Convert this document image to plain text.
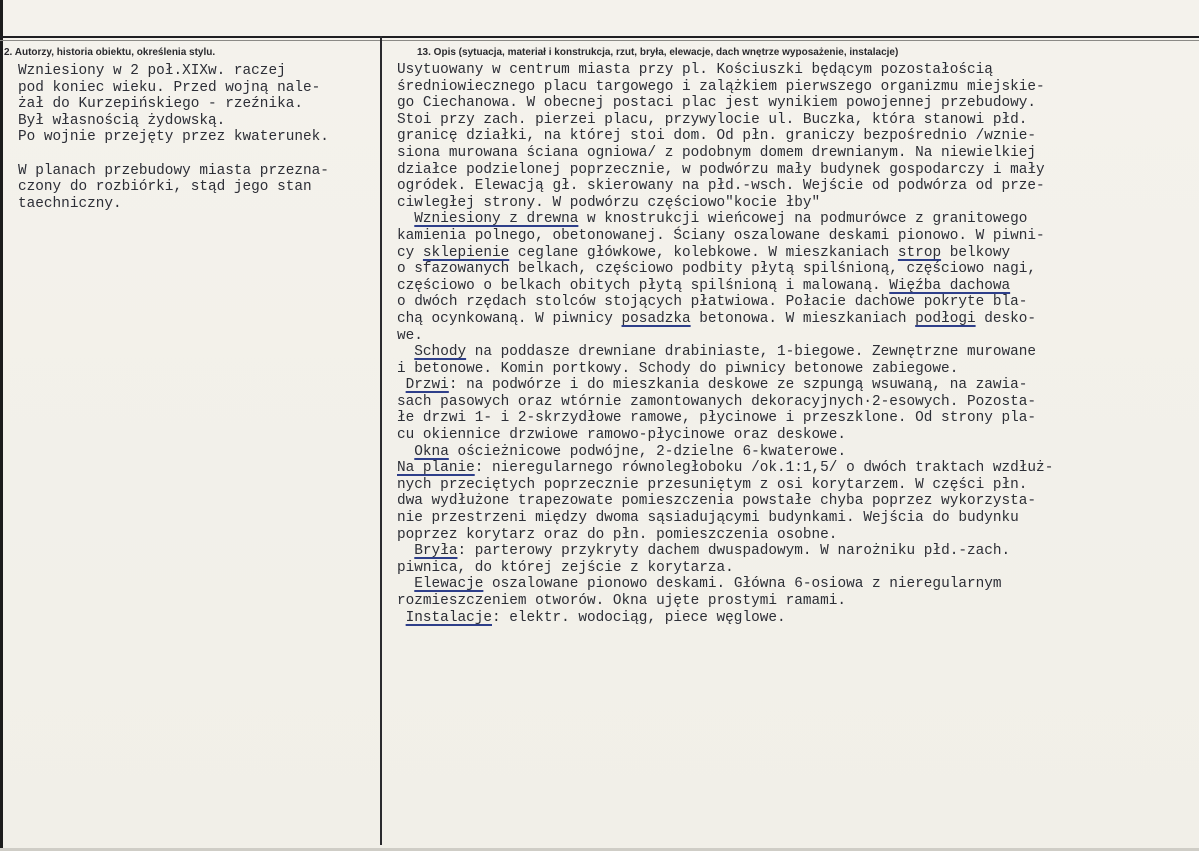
2. Autorzy, historia obiektu, określenia stylu.	13. Opis (sytuacja, materiał i konstrukcja, rzut, bryła, elewacje, dach wnętrze wyposażenie, instalacje)
Wzniesiony w 2 poł.XIXw. raczej
pod koniec wieku. Przed wojną nale-
żał do Kurzepińskiego - rzeźnika.
Był własnością żydowską.
Po wojnie przejęty przez kwaterunek.
W planach przebudowy miasta przezna-
czony do rozbiórki, stąd jego stan
taechniczny.
Usytuowany w centrum miasta przy pl. Kościuszki będącym pozostałością
średniowiecznego placu targowego i zalążkiem pierwszego organizmu miejskie-
go Ciechanowa. W obecnej postaci plac jest wynikiem powojennej przebudowy.
Stoi przy zach. pierzei placu, przywylocie ul. Buczka, która stanowi płd.
granicę działki, na której stoi dom. Od płn. graniczy bezpośrednio /wznie-
siona murowana ściana ogniowa/ z podobnym domem drewnianym. Na niewielkiej
działce podzielonej poprzecznie, w podwórzu mały budynek gospodarczy i mały
ogródek. Elewacją gł. skierowany na płd.-wsch. Wejście od podwórza od prze-
ciwległej strony. W podwórzu częściowo"kocie łby"
Wzniesiony z drewna w knostrukcji wieńcowej na podmurówce z granitowego
kamienia polnego, obetonowanej. Ściany oszalowane deskami pionowo. W piwni-
cy sklepienie ceglane główkowe, kolebkowe. W mieszkaniach strop belkowy
o sfazowanych belkach, częściowo podbity płytą spilśnioną, częściowo nagi,
częściowo o belkach obitych płytą spilśnioną i malowaną. Więźba dachowa
o dwóch rzędach stolców stojących płatwiowa. Połacie dachowe pokryte bla-
chą ocynkowaną. W piwnicy posadzka betonowa. W mieszkaniach podłogi desko-
we.
Schody na poddasze drewniane drabiniaste, 1-biegowe. Zewnętrzne murowane
i betonowe. Komin portkowy. Schody do piwnicy betonowe zabiegowe.
Drzwi: na podwórze i do mieszkania deskowe ze szpungą wsuwaną, na zawia-
sach pasowych oraz wtórnie zamontowanych dekoracyjnych·2-esowych. Pozosta-
łe drzwi 1- i 2-skrzydłowe ramowe, płycinowe i przeszklone. Od strony pla-
cu okiennice drzwiowe ramowo-płycinowe oraz deskowe.
Okna ościeżnicowe podwójne, 2-dzielne 6-kwaterowe.
Na planie: nieregularnego równoległoboku /ok.1:1,5/ o dwóch traktach wzdłuż-
nych przeciętych poprzecznie przesuniętym z osi korytarzem. W części płn.
dwa wydłużone trapezowate pomieszczenia powstałe chyba poprzez wykorzysta-
nie przestrzeni między dwoma sąsiadującymi budynkami. Wejścia do budynku
poprzez korytarz oraz do płn. pomieszczenia osobne.
Bryła: parterowy przykryty dachem dwuspadowym. W narożniku płd.-zach.
piwnica, do której zejście z korytarza.
Elewacje oszalowane pionowo deskami. Główna 6-osiowa z nieregularnym
rozmieszczeniem otworów. Okna ujęte prostymi ramami.
Instalacje: elektr. wodociąg, piece węglowe.
